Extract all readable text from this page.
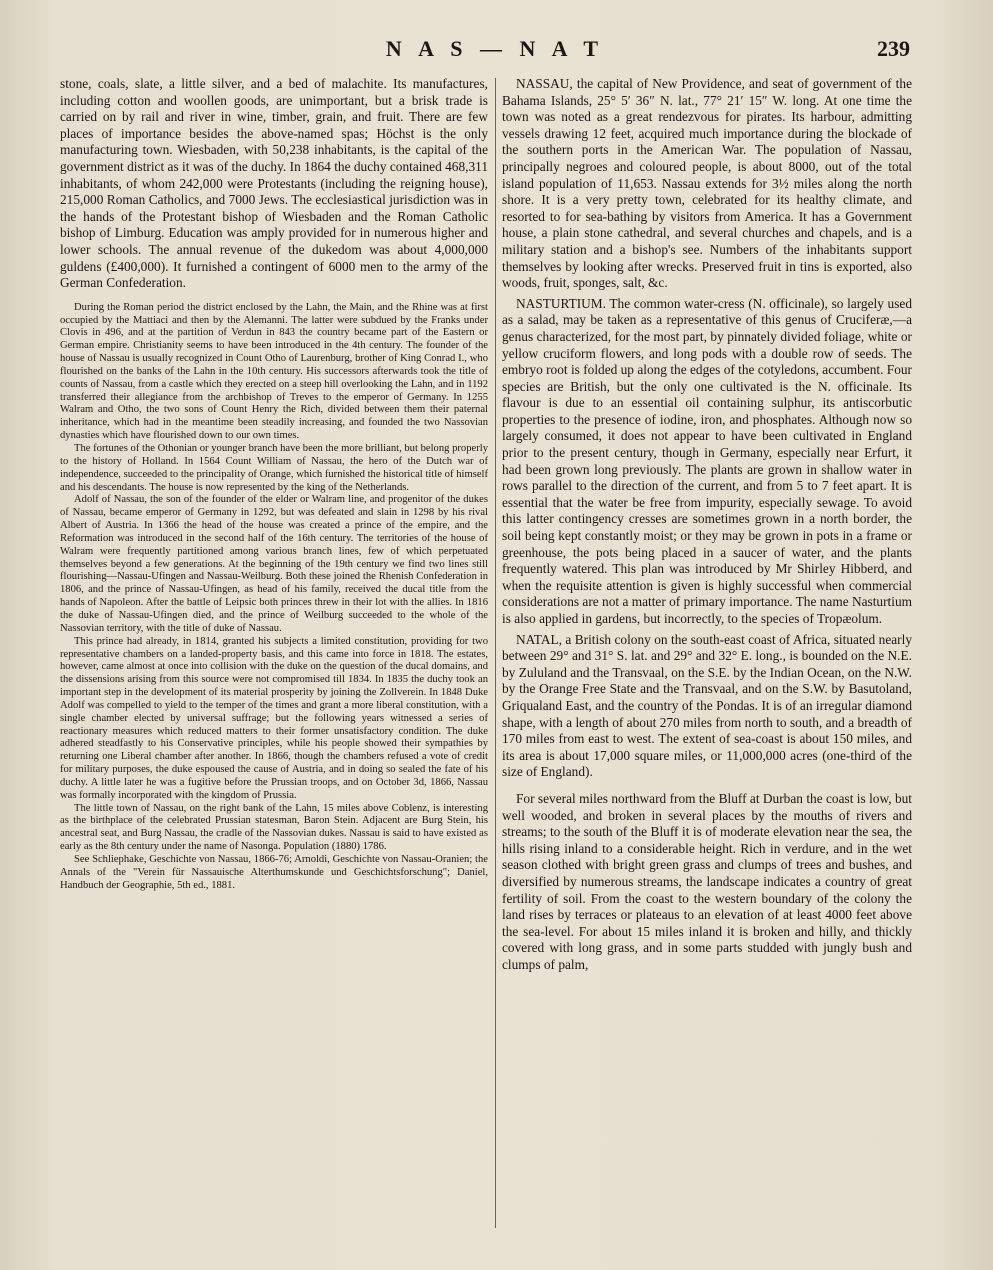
N A S — N A T	239

stone, coals, slate, a little silver, and a bed of malachite. Its manufactures, including cotton and woollen goods, are unimportant, but a brisk trade is carried on by rail and river in wine, timber, grain, and fruit. There are few places of importance besides the above-named spas; Höchst is the only manufacturing town. Wiesbaden, with 50,238 inhabitants, is the capital of the government district as it was of the duchy. In 1864 the duchy contained 468,311 inhabitants, of whom 242,000 were Protestants (including the reigning house), 215,000 Roman Catholics, and 7000 Jews. The ecclesiastical jurisdiction was in the hands of the Protestant bishop of Wiesbaden and the Roman Catholic bishop of Limburg. Education was amply provided for in numerous higher and lower schools. The annual revenue of the dukedom was about 4,000,000 guldens (£400,000). It furnished a contingent of 6000 men to the army of the German Confederation.

During the Roman period the district enclosed by the Lahn, the Main, and the Rhine was at first occupied by the Mattiaci and then by the Alemanni. The latter were subdued by the Franks under Clovis in 496, and at the partition of Verdun in 843 the country became part of the Eastern or German empire. Christianity seems to have been introduced in the 4th century. The founder of the house of Nassau is usually recognized in Count Otho of Laurenburg, brother of King Conrad I., who flourished on the banks of the Lahn in the 10th century. His successors afterwards took the title of counts of Nassau, from a castle which they erected on a steep hill overlooking the Lahn, and in 1192 transferred their allegiance from the archbishop of Treves to the emperor of Germany. In 1255 Walram and Otho, the two sons of Count Henry the Rich, divided between them their paternal inheritance, which had in the meantime been steadily increasing, and founded the two Nassovian dynasties which have flourished down to our own times.

The fortunes of the Othonian or younger branch have been the more brilliant, but belong properly to the history of Holland. In 1564 Count William of Nassau, the hero of the Dutch war of independence, succeeded to the principality of Orange, which furnished the historical title of himself and his descendants. The house is now represented by the king of the Netherlands.

Adolf of Nassau, the son of the founder of the elder or Walram line, and progenitor of the dukes of Nassau, became emperor of Germany in 1292, but was defeated and slain in 1298 by his rival Albert of Austria. In 1366 the head of the house was created a prince of the empire, and the Reformation was introduced in the second half of the 16th century. The territories of the house of Walram were frequently partitioned among various branch lines, few of which perpetuated themselves beyond a few generations. At the beginning of the 19th century we find two lines still flourishing—Nassau-Ufingen and Nassau-Weilburg. Both these joined the Rhenish Confederation in 1806, and the prince of Nassau-Ufingen, as head of his family, received the ducal title from the hands of Napoleon. After the battle of Leipsic both princes threw in their lot with the allies. In 1816 the duke of Nassau-Ufingen died, and the prince of Weilburg succeeded to the whole of the Nassovian territory, with the title of duke of Nassau.

This prince had already, in 1814, granted his subjects a limited constitution, providing for two representative chambers on a landed-property basis, and this came into force in 1818. The estates, however, came almost at once into collision with the duke on the question of the ducal domains, and the dissensions arising from this source were not compromised till 1834. In 1835 the duchy took an important step in the development of its material prosperity by joining the Zollverein. In 1848 Duke Adolf was compelled to yield to the temper of the times and grant a more liberal constitution, with a single chamber elected by universal suffrage; but the following years witnessed a series of reactionary measures which reduced matters to their former unsatisfactory condition. The duke adhered steadfastly to his Conservative principles, while his people showed their sympathies by returning one Liberal chamber after another. In 1866, though the chambers refused a vote of credit for military purposes, the duke espoused the cause of Austria, and in doing so sealed the fate of his duchy. A little later he was a fugitive before the Prussian troops, and on October 3d, 1866, Nassau was formally incorporated with the kingdom of Prussia.

The little town of Nassau, on the right bank of the Lahn, 15 miles above Coblenz, is interesting as the birthplace of the celebrated Prussian statesman, Baron Stein. Adjacent are Burg Stein, his ancestral seat, and Burg Nassau, the cradle of the Nassovian dukes. Nassau is said to have existed as early as the 8th century under the name of Nasonga. Population (1880) 1786.

See Schliephake, Geschichte von Nassau, 1866-76; Arnoldi, Geschichte von Nassau-Oranien; the Annals of the "Verein für Nassauische Alterthumskunde und Geschichtsforschung"; Daniel, Handbuch der Geographie, 5th ed., 1881.

NASSAU, the capital of New Providence, and seat of government of the Bahama Islands, 25° 5′ 36″ N. lat., 77° 21′ 15″ W. long. At one time the town was noted as a great rendezvous for pirates. Its harbour, admitting vessels drawing 12 feet, acquired much importance during the blockade of the southern ports in the American War. The population of Nassau, principally negroes and coloured people, is about 8000, out of the total island population of 11,653. Nassau extends for 3½ miles along the north shore. It is a very pretty town, celebrated for its healthy climate, and resorted to for sea-bathing by visitors from America. It has a Government house, a plain stone cathedral, and several churches and chapels, and is a military station and a bishop's see. Numbers of the inhabitants support themselves by looking after wrecks. Preserved fruit in tins is exported, also woods, fruit, sponges, salt, &c.

NASTURTIUM. The common water-cress (N. officinale), so largely used as a salad, may be taken as a representative of this genus of Cruciferæ,—a genus characterized, for the most part, by pinnately divided foliage, white or yellow cruciform flowers, and long pods with a double row of seeds. The embryo root is folded up along the edges of the cotyledons, accumbent. Four species are British, but the only one cultivated is the N. officinale. Its flavour is due to an essential oil containing sulphur, its antiscorbutic properties to the presence of iodine, iron, and phosphates. Although now so largely consumed, it does not appear to have been cultivated in England prior to the present century, though in Germany, especially near Erfurt, it had been grown long previously. The plants are grown in shallow water in rows parallel to the direction of the current, and from 5 to 7 feet apart. It is essential that the water be free from impurity, especially sewage. To avoid this latter contingency cresses are sometimes grown in a north border, the soil being kept constantly moist; or they may be grown in pots in a frame or greenhouse, the pots being placed in a saucer of water, and the plants frequently watered. This plan was introduced by Mr Shirley Hibberd, and when the requisite attention is given is highly successful when commercial considerations are not a matter of primary importance. The name Nasturtium is also applied in gardens, but incorrectly, to the species of Tropæolum.

NATAL, a British colony on the south-east coast of Africa, situated nearly between 29° and 31° S. lat. and 29° and 32° E. long., is bounded on the N.E. by Zululand and the Transvaal, on the S.E. by the Indian Ocean, on the N.W. by the Orange Free State and the Transvaal, and on the S.W. by Basutoland, Griqualand East, and the country of the Pondas. It is of an irregular diamond shape, with a length of about 270 miles from north to south, and a breadth of 170 miles from east to west. The extent of sea-coast is about 150 miles, and its area is about 17,000 square miles, or 11,000,000 acres (one-third of the size of England).

For several miles northward from the Bluff at Durban the coast is low, but well wooded, and broken in several places by the mouths of rivers and streams; to the south of the Bluff it is of moderate elevation near the sea, the hills rising inland to a considerable height. Rich in verdure, and in the wet season clothed with bright green grass and clumps of trees and bushes, and diversified by numerous streams, the landscape indicates a country of great fertility of soil. From the coast to the western boundary of the colony the land rises by terraces or plateaus to an elevation of at least 4000 feet above the sea-level. For about 15 miles inland it is broken and hilly, and thickly covered with long grass, and in some parts studded with jungly bush and clumps of palm,
